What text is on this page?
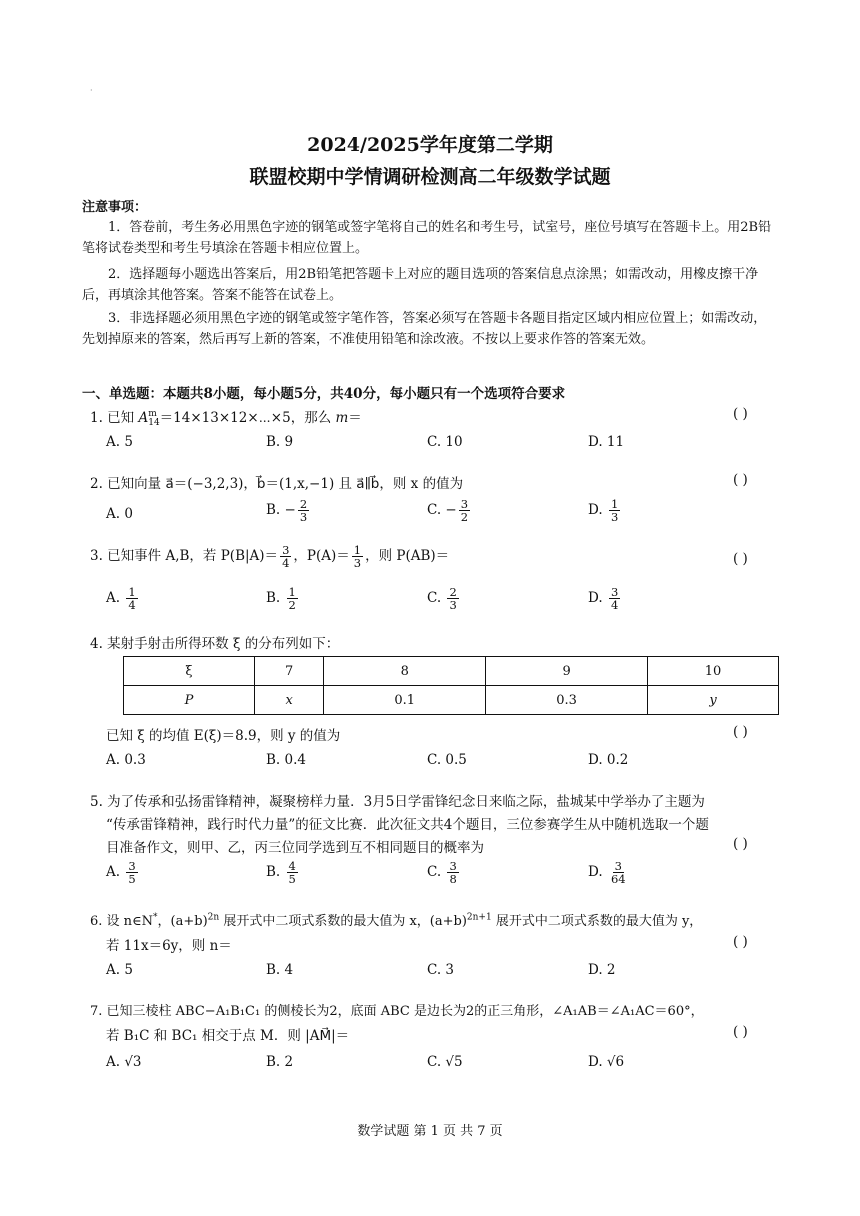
·
2024/2025学年度第二学期
联盟校期中学情调研检测高二年级数学试题
注意事项：
1．答卷前，考生务必用黑色字迹的钢笔或签字笔将自己的姓名和考生号，试室号，座位号填写在答题卡上。用2B铅笔将试卷类型和考生号填涂在答题卡相应位置上。
2．选择题每小题选出答案后，用2B铅笔把答题卡上对应的题目选项的答案信息点涂黑；如需改动，用橡皮擦干净后，再填涂其他答案。答案不能答在试卷上。
3．非选择题必须用黑色字迹的钢笔或签字笔作答，答案必须写在答题卡各题目指定区域内相应位置上；如需改动，先划掉原来的答案，然后再写上新的答案，不准使用铅笔和涂改液。不按以上要求作答的答案无效。
一、单选题：本题共8小题，每小题5分，共40分，每小题只有一个选项符合要求
1. 已知 A m
14 ＝14×13×12×⋯×5，那么 m＝	( )
A. 5	B. 9	C. 10	D. 11
2. 已知向量 a⃗＝(−3,2,3)，b⃗＝(1,x,−1) 且 a⃗∥b⃗，则 x 的值为	( )
A. 0	B. − $\frac{2}{3}$	C. − $\frac{3}{2}$	D. $\frac{1}{3}$
3. 已知事件 A,B，若 $P(B|A)= \frac{3}{4}$ ，$P(A)= \frac{1}{3}$ ，则 P(AB)＝	( )
A. $\frac{1}{4}$	B. $\frac{1}{2}$	C. $\frac{2}{3}$	D. $\frac{3}{4}$
4. 某射手射击所得环数 ξ 的分布列如下：
ξ	7	8	9	10
P	x	0.1	0.3	y
已知 ξ 的均值 E(ξ)＝8.9，则 y 的值为	( )
A. 0.3	B. 0.4	C. 0.5	D. 0.2
5. 为了传承和弘扬雷锋精神，凝聚榜样力量．3月5日学雷锋纪念日来临之际，盐城某中学举办了主题为
“传承雷锋精神，践行时代力量”的征文比赛．此次征文共4个题目，三位参赛学生从中随机选取一个题
目准备作文，则甲、乙，丙三位同学选到互不相同题目的概率为	( )
A. $\frac{3}{5}$	B. $\frac{4}{5}$	C. $\frac{3}{8}$	D. $\frac{3}{64}$
6. 设 n∈N*，$(a+b)^{2n}$ 展开式中二项式系数的最大值为 x，$(a+b)^{2n+1}$ 展开式中二项式系数的最大值为 y，
若 11x＝6y，则 n＝	( )
A. 5	B. 4	C. 3	D. 2
7. 已知三棱柱 ABC−A₁B₁C₁ 的侧棱长为2，底面 ABC 是边长为2的正三角形，∠A₁AB＝∠A₁AC＝60°，
若 B₁C 和 BC₁ 相交于点 M．则 |AM⃗|＝	( )
A. √3	B. 2	C. √5	D. √6
数学试题 第 1 页 共 7 页
